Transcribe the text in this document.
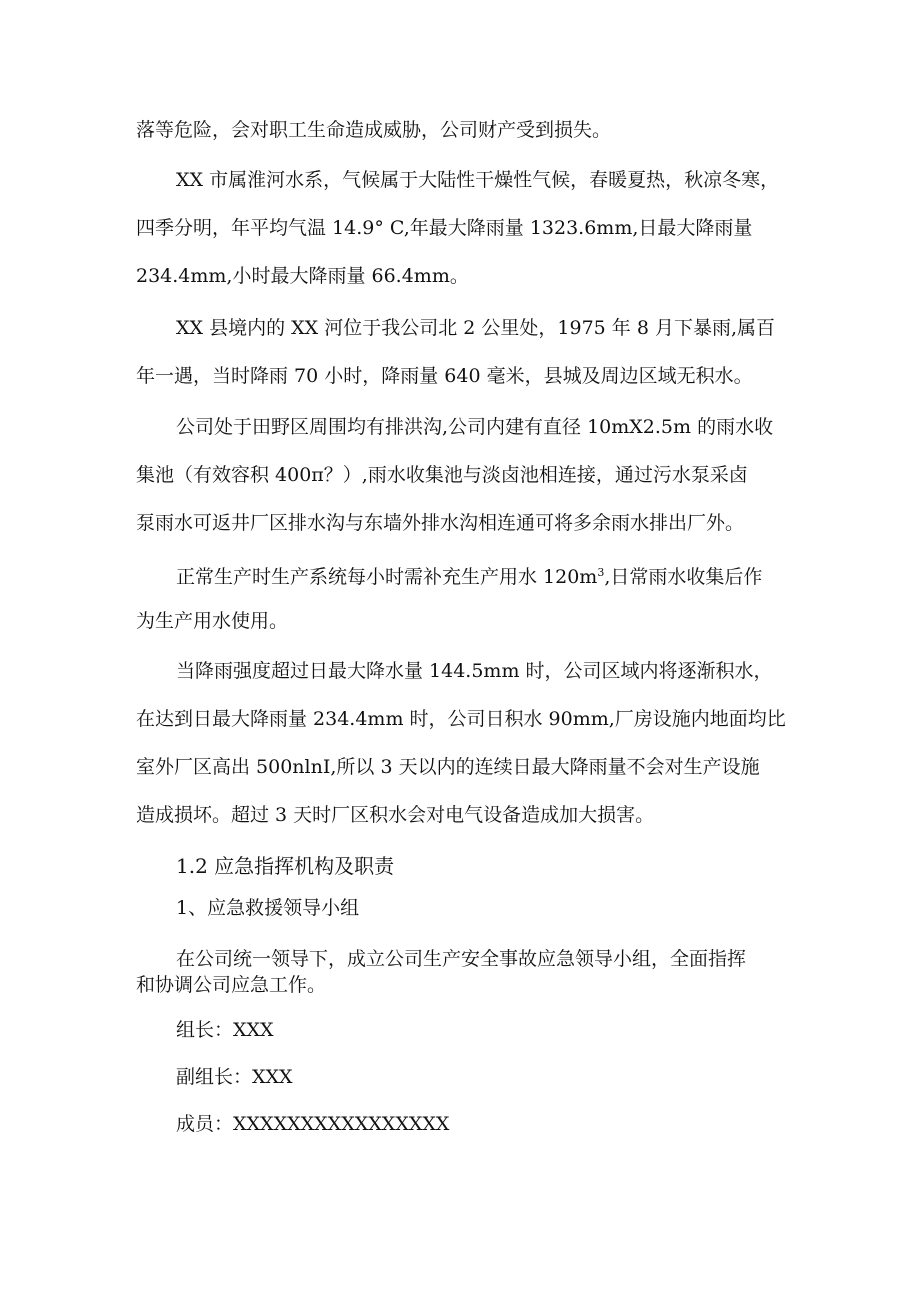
落等危险，会对职工生命造成威胁，公司财产受到损失。
XX 市属淮河水系，气候属于大陆性干燥性气候，春暖夏热，秋凉冬寒，
四季分明，年平均气温 14.9° C,年最大降雨量 1323.6mm,日最大降雨量
234.4mm,小时最大降雨量 66.4mm。
XX 县境内的 XX 河位于我公司北 2 公里处，1975 年 8 月下暴雨,属百
年一遇，当时降雨 70 小时，降雨量 640 毫米，县城及周边区域无积水。
公司处于田野区周围均有排洪沟,公司内建有直径 10mX2.5m 的雨水收
集池（有效容积 400π？）,雨水收集池与淡卤池相连接，通过污水泵采卤
泵雨水可返井厂区排水沟与东墙外排水沟相连通可将多余雨水排出厂外。
正常生产时生产系统每小时需补充生产用水 $120m^3$,日常雨水收集后作
为生产用水使用。
当降雨强度超过日最大降水量 144.5mm 时，公司区域内将逐渐积水，
在达到日最大降雨量 234.4mm 时，公司日积水 90mm,厂房设施内地面均比
室外厂区高出 500nlnI,所以 3 天以内的连续日最大降雨量不会对生产设施
造成损坏。超过 3 天时厂区积水会对电气设备造成加大损害。
1.2 应急指挥机构及职责
1、应急救援领导小组
在公司统一领导下，成立公司生产安全事故应急领导小组，全面指挥
和协调公司应急工作。
组长：XXX
副组长：XXX
成员：XXXXXXXXXXXXXXXX
